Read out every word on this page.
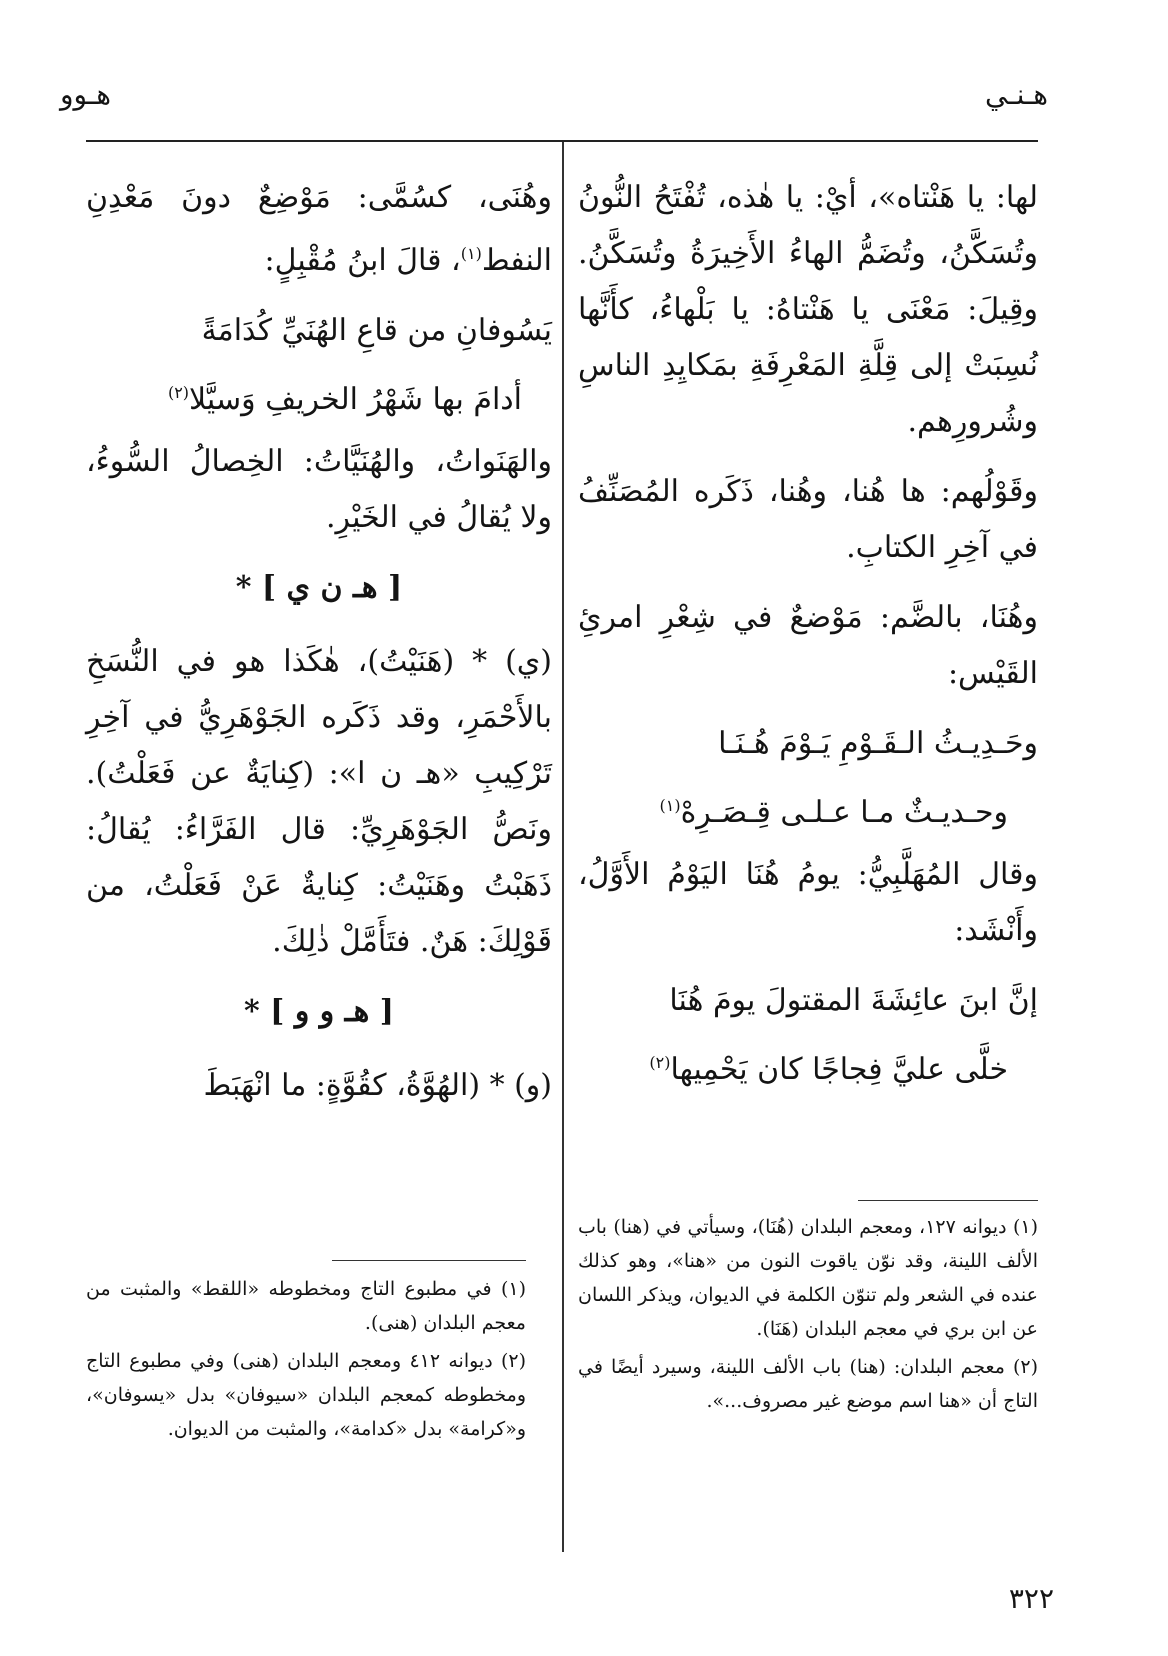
هـنـي
هـوو

لها: يا هَنْتاه»، أيْ: يا هٰذه، تُفْتَحُ النُّونُ وتُسَكَّنُ، وتُضَمُّ الهاءُ الأَخِيرَةُ وتُسَكَّنُ. وقِيلَ: مَعْنَى يا هَنْتاهُ: يا بَلْهاءُ، كأَنَّها نُسِبَتْ إلى قِلَّةِ المَعْرِفَةِ بمَكايِدِ الناسِ وشُرورِهم.

وقَوْلُهم: ها هُنا، وهُنا، ذَكَره المُصَنِّفُ في آخِرِ الكتابِ.

وهُنَا، بالضَّم: مَوْضعٌ في شِعْرِ امرئِ القَيْس:

وحَـدِيـثُ الـقَـوْمِ يَـوْمَ هُـنَـا

وحـديـثٌ مـا عـلـى قِـصَـرِهْ$^{(١)}$

وقال المُهَلَّبِيُّ: يومُ هُنَا اليَوْمُ الأَوَّلُ، وأَنْشَد:

إنَّ ابنَ عائِشَةَ المقتولَ يومَ هُنَا

خلَّى عليَّ فِجاجًا كان يَحْمِيها$^{(٢)}$

وهُنَى، كسُمَّى: مَوْضِعٌ دونَ مَعْدِنِ النفط$^{(١)}$، قالَ ابنُ مُقْبِلٍ:

يَسُوفانِ من قاعِ الهُنَيِّ كُدَامَةً

أدامَ بها شَهْرُ الخريفِ وَسيَّلا$^{(٢)}$

والهَنَواتُ، والهُنَيَّاتُ: الخِصالُ السُّوءُ، ولا يُقالُ في الخَيْرِ.

[ هـ ن ي ] *

(ي) * (هَنَيْتُ)، هٰكَذا هو في النُّسَخِ بالأَحْمَرِ، وقد ذَكَره الجَوْهَرِيُّ في آخِرِ تَرْكِيبِ «هـ ن ا»: (كِنايَةٌ عن فَعَلْتُ). ونَصُّ الجَوْهَرِيِّ: قال الفَرَّاءُ: يُقالُ: ذَهَبْتُ وهَنَيْتُ: كِنايةٌ عَنْ فَعَلْتُ، من قَوْلِكَ: هَنٌ. فتَأَمَّلْ ذٰلِكَ.

[ هـ و و ] *

(و) * (الهُوَّةُ، كقُوَّةٍ: ما انْهَبَطَ

(١) ديوانه ١٢٧، ومعجم البلدان (هُنَا)، وسيأتي في (هنا) باب الألف اللينة، وقد نوّن ياقوت النون من «هنا»، وهو كذلك عنده في الشعر ولم تنوّن الكلمة في الديوان، ويذكر اللسان عن ابن بري في معجم البلدان (هَنَا).

(٢) معجم البلدان: (هنا) باب الألف اللينة، وسيرد أيضًا في التاج أن «هنا اسم موضع غير مصروف...».

(١) في مطبوع التاج ومخطوطه «اللقط» والمثبت من معجم البلدان (هنى).

(٢) ديوانه ٤١٢ ومعجم البلدان (هنى) وفي مطبوع التاج ومخطوطه كمعجم البلدان «سيوفان» بدل «يسوفان»، و«كرامة» بدل «كدامة»، والمثبت من الديوان.

٣٢٢
